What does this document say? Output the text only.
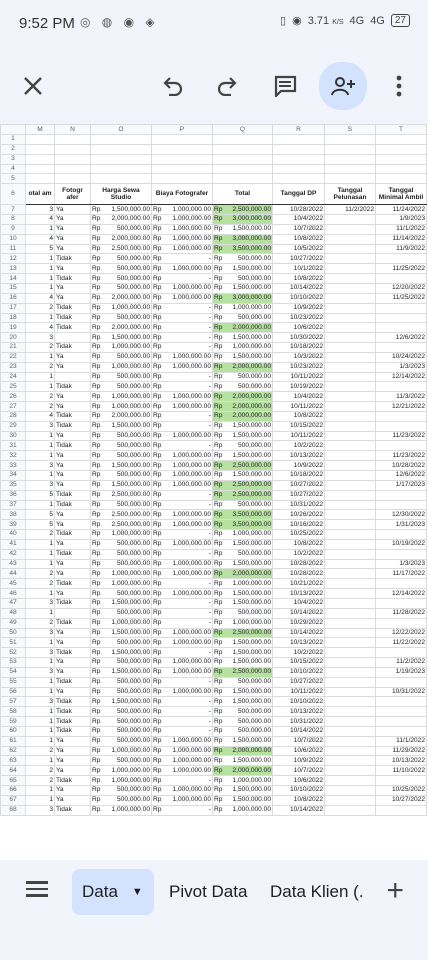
9:52 PM ◎ ◍ ◉ ◈	▯ ◉ 3.71 K/S 4G 4G	27
	M	N	O	P	Q	R	S	T
1								
2								
3								
4								
5								
6	otal am	Fotogr afer	Harga Sewa Studio	Biaya Fotografer	Total	Tanggal DP	Tanggal Pelunasan	Tanggal Minimal Ambil
7	3	Ya	Rp 1,500,000.00	Rp 1,000,000.00	Rp 2,500,000.00	10/28/2022	11/2/2022	11/24/2022
8	4	Ya	Rp 2,000,000.00	Rp 1,000,000.00	Rp 3,000,000.00	10/4/2022		1/9/2023
9	1	Ya	Rp 500,000.00	Rp 1,000,000.00	Rp 1,500,000.00	10/7/2022		11/1/2022
10	4	Ya	Rp 2,000,000.00	Rp 1,000,000.00	Rp 3,000,000.00	10/8/2022		11/14/2022
11	5	Ya	Rp 2,500,000.00	Rp 1,000,000.00	Rp 3,500,000.00	10/5/2022		11/9/2022
12	1	Tidak	Rp 500,000.00	Rp -	Rp 500,000.00	10/27/2022		
13	1	Ya	Rp 500,000.00	Rp 1,000,000.00	Rp 1,500,000.00	10/1/2022		11/25/2022
14	1	Tidak	Rp 500,000.00	Rp -	Rp 500,000.00	10/8/2022		
15	1	Ya	Rp 500,000.00	Rp 1,000,000.00	Rp 1,500,000.00	10/14/2022		12/20/2022
16	4	Ya	Rp 2,000,000.00	Rp 1,000,000.00	Rp 3,000,000.00	10/10/2022		11/25/2022
17	2	Tidak	Rp 1,000,000.00	Rp -	Rp 1,000,000.00	10/9/2022		
18	1	Tidak	Rp 500,000.00	Rp -	Rp 500,000.00	10/23/2022		
19	4	Tidak	Rp 2,000,000.00	Rp -	Rp 2,000,000.00	10/6/2022		
20	3		Rp 1,500,000.00	Rp -	Rp 1,500,000.00	10/30/2022		12/6/2022
21	2	Tidak	Rp 1,000,000.00	Rp -	Rp 1,000,000.00	10/18/2022		
22	1	Ya	Rp 500,000.00	Rp 1,000,000.00	Rp 1,500,000.00	10/3/2022		10/24/2022
23	2	Ya	Rp 1,000,000.00	Rp 1,000,000.00	Rp 2,000,000.00	10/23/2022		1/3/2023
24	1		Rp 500,000.00	Rp -	Rp 500,000.00	10/11/2022		12/14/2022
25	1	Tidak	Rp 500,000.00	Rp -	Rp 500,000.00	10/19/2022		
26	2	Ya	Rp 1,000,000.00	Rp 1,000,000.00	Rp 2,000,000.00	10/4/2022		11/3/2022
27	2	Ya	Rp 1,000,000.00	Rp 1,000,000.00	Rp 2,000,000.00	10/11/2022		12/21/2022
28	4	Tidak	Rp 2,000,000.00	Rp -	Rp 2,000,000.00	10/8/2022		
29	3	Tidak	Rp 1,500,000.00	Rp -	Rp 1,500,000.00	10/15/2022		
30	1	Ya	Rp 500,000.00	Rp 1,000,000.00	Rp 1,500,000.00	10/11/2022		11/23/2022
31	1	Tidak	Rp 500,000.00	Rp -	Rp 500,000.00	10/2/2022		
32	1	Ya	Rp 500,000.00	Rp 1,000,000.00	Rp 1,500,000.00	10/13/2022		11/23/2022
33	3	Ya	Rp 1,500,000.00	Rp 1,000,000.00	Rp 2,500,000.00	10/9/2022		10/28/2022
34	1	Ya	Rp 500,000.00	Rp 1,000,000.00	Rp 1,500,000.00	10/18/2022		12/6/2022
35	3	Ya	Rp 1,500,000.00	Rp 1,000,000.00	Rp 2,500,000.00	10/27/2022		1/17/2023
36	5	Tidak	Rp 2,500,000.00	Rp -	Rp 2,500,000.00	10/27/2022		
37	1	Tidak	Rp 500,000.00	Rp -	Rp 500,000.00	10/31/2022		
38	5	Ya	Rp 2,500,000.00	Rp 1,000,000.00	Rp 3,500,000.00	10/26/2022		12/30/2022
39	5	Ya	Rp 2,500,000.00	Rp 1,000,000.00	Rp 3,500,000.00	10/16/2022		1/31/2023
40	2	Tidak	Rp 1,000,000.00	Rp -	Rp 1,000,000.00	10/25/2022		
41	1	Ya	Rp 500,000.00	Rp 1,000,000.00	Rp 1,500,000.00	10/8/2022		10/19/2022
42	1	Tidak	Rp 500,000.00	Rp -	Rp 500,000.00	10/2/2022		
43	1	Ya	Rp 500,000.00	Rp 1,000,000.00	Rp 1,500,000.00	10/28/2022		1/3/2023
44	2	Ya	Rp 1,000,000.00	Rp 1,000,000.00	Rp 2,000,000.00	10/28/2022		11/17/2022
45	2	Tidak	Rp 1,000,000.00	Rp -	Rp 1,000,000.00	10/21/2022		
46	1	Ya	Rp 500,000.00	Rp 1,000,000.00	Rp 1,500,000.00	10/13/2022		12/14/2022
47	3	Tidak	Rp 1,500,000.00	Rp -	Rp 1,500,000.00	10/4/2022		
48	1		Rp 500,000.00	Rp -	Rp 500,000.00	10/14/2022		11/28/2022
49	2	Tidak	Rp 1,000,000.00	Rp -	Rp 1,000,000.00	10/29/2022		
50	3	Ya	Rp 1,500,000.00	Rp 1,000,000.00	Rp 2,500,000.00	10/14/2022		12/22/2022
51	1	Ya	Rp 500,000.00	Rp 1,000,000.00	Rp 1,500,000.00	10/13/2022		11/22/2022
52	3	Tidak	Rp 1,500,000.00	Rp -	Rp 1,500,000.00	10/2/2022		
53	1	Ya	Rp 500,000.00	Rp 1,000,000.00	Rp 1,500,000.00	10/15/2022		11/2/2022
54	3	Ya	Rp 1,500,000.00	Rp 1,000,000.00	Rp 2,500,000.00	10/10/2022		1/19/2023
55	1	Tidak	Rp 500,000.00	Rp -	Rp 500,000.00	10/27/2022		
56	1	Ya	Rp 500,000.00	Rp 1,000,000.00	Rp 1,500,000.00	10/11/2022		10/31/2022
57	3	Tidak	Rp 1,500,000.00	Rp -	Rp 1,500,000.00	10/10/2022		
58	1	Tidak	Rp 500,000.00	Rp -	Rp 500,000.00	10/13/2022		
59	1	Tidak	Rp 500,000.00	Rp -	Rp 500,000.00	10/31/2022		
60	1	Tidak	Rp 500,000.00	Rp -	Rp 500,000.00	10/14/2022		
61	1	Ya	Rp 500,000.00	Rp 1,000,000.00	Rp 1,500,000.00	10/7/2022		11/1/2022
62	2	Ya	Rp 1,000,000.00	Rp 1,000,000.00	Rp 2,000,000.00	10/6/2022		11/29/2022
63	1	Ya	Rp 500,000.00	Rp 1,000,000.00	Rp 1,500,000.00	10/9/2022		10/13/2022
64	2	Ya	Rp 1,000,000.00	Rp 1,000,000.00	Rp 2,000,000.00	10/7/2022		11/10/2022
65	2	Tidak	Rp 1,000,000.00	Rp -	Rp 1,000,000.00	10/6/2022		
66	1	Ya	Rp 500,000.00	Rp 1,000,000.00	Rp 1,500,000.00	10/10/2022		10/25/2022
67	1	Ya	Rp 500,000.00	Rp 1,000,000.00	Rp 1,500,000.00	10/8/2022		10/27/2022
68	3	Tidak	Rp 1,000,000.00	Rp -	Rp 1,000,000.00	10/14/2022		
Data ▼ Pivot Data Data Klien (. +
